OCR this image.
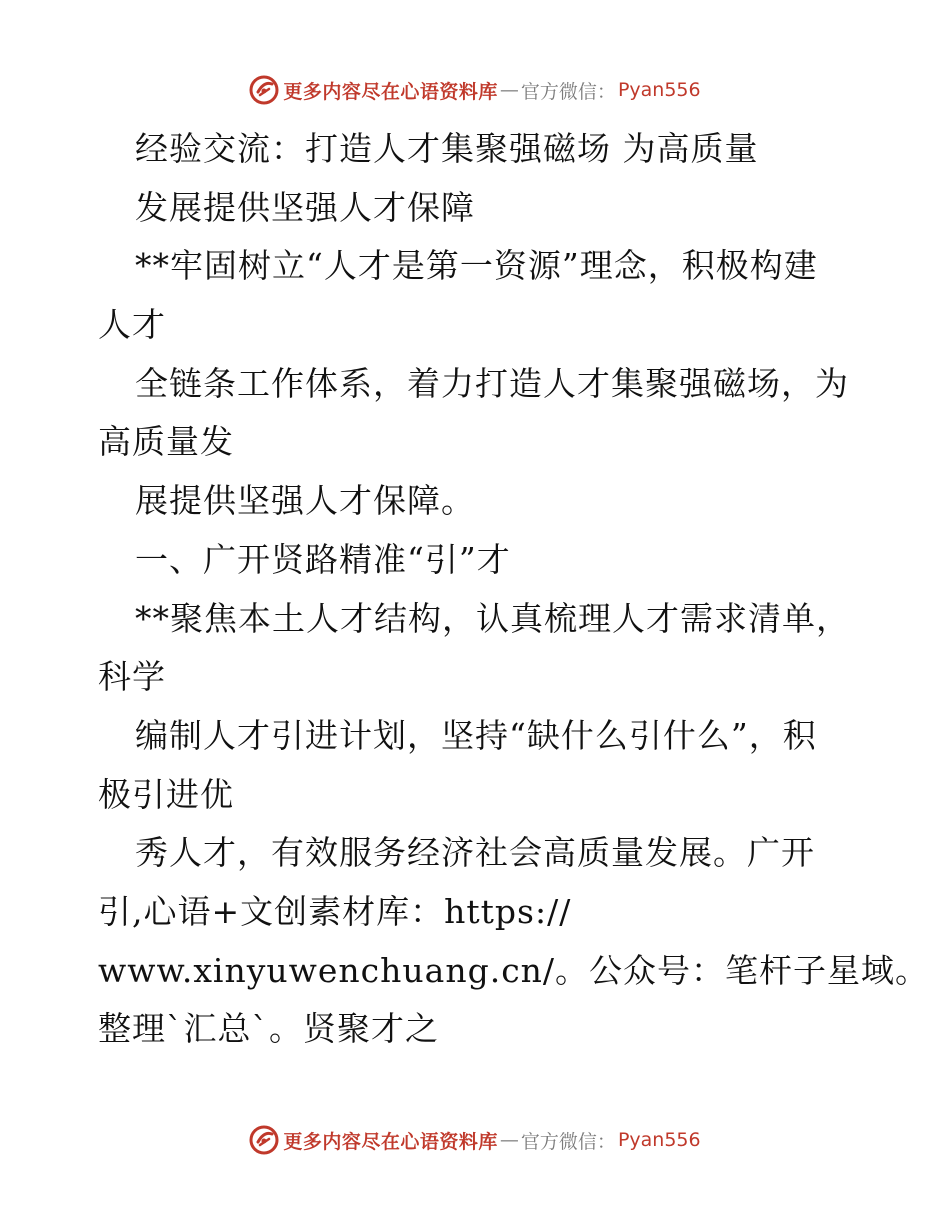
更多内容尽在心语资料库 — 官方微信： Pyan556
经验交流：打造人才集聚强磁场 为高质量
发展提供坚强人才保障
**牢固树立“人才是第一资源”理念，积极构建
人才
全链条工作体系，着力打造人才集聚强磁场，为
高质量发
展提供坚强人才保障。
一、广开贤路精准“引”才
**聚焦本土人才结构，认真梳理人才需求清单，
科学
编制人才引进计划，坚持“缺什么引什么”，积
极引进优
秀人才，有效服务经济社会高质量发展。广开
引,心语+文创素材库：https://
www.xinyuwenchuang.cn/。公众号：笔杆子星域。
整理`汇总`。贤聚才之
更多内容尽在心语资料库 — 官方微信： Pyan556
